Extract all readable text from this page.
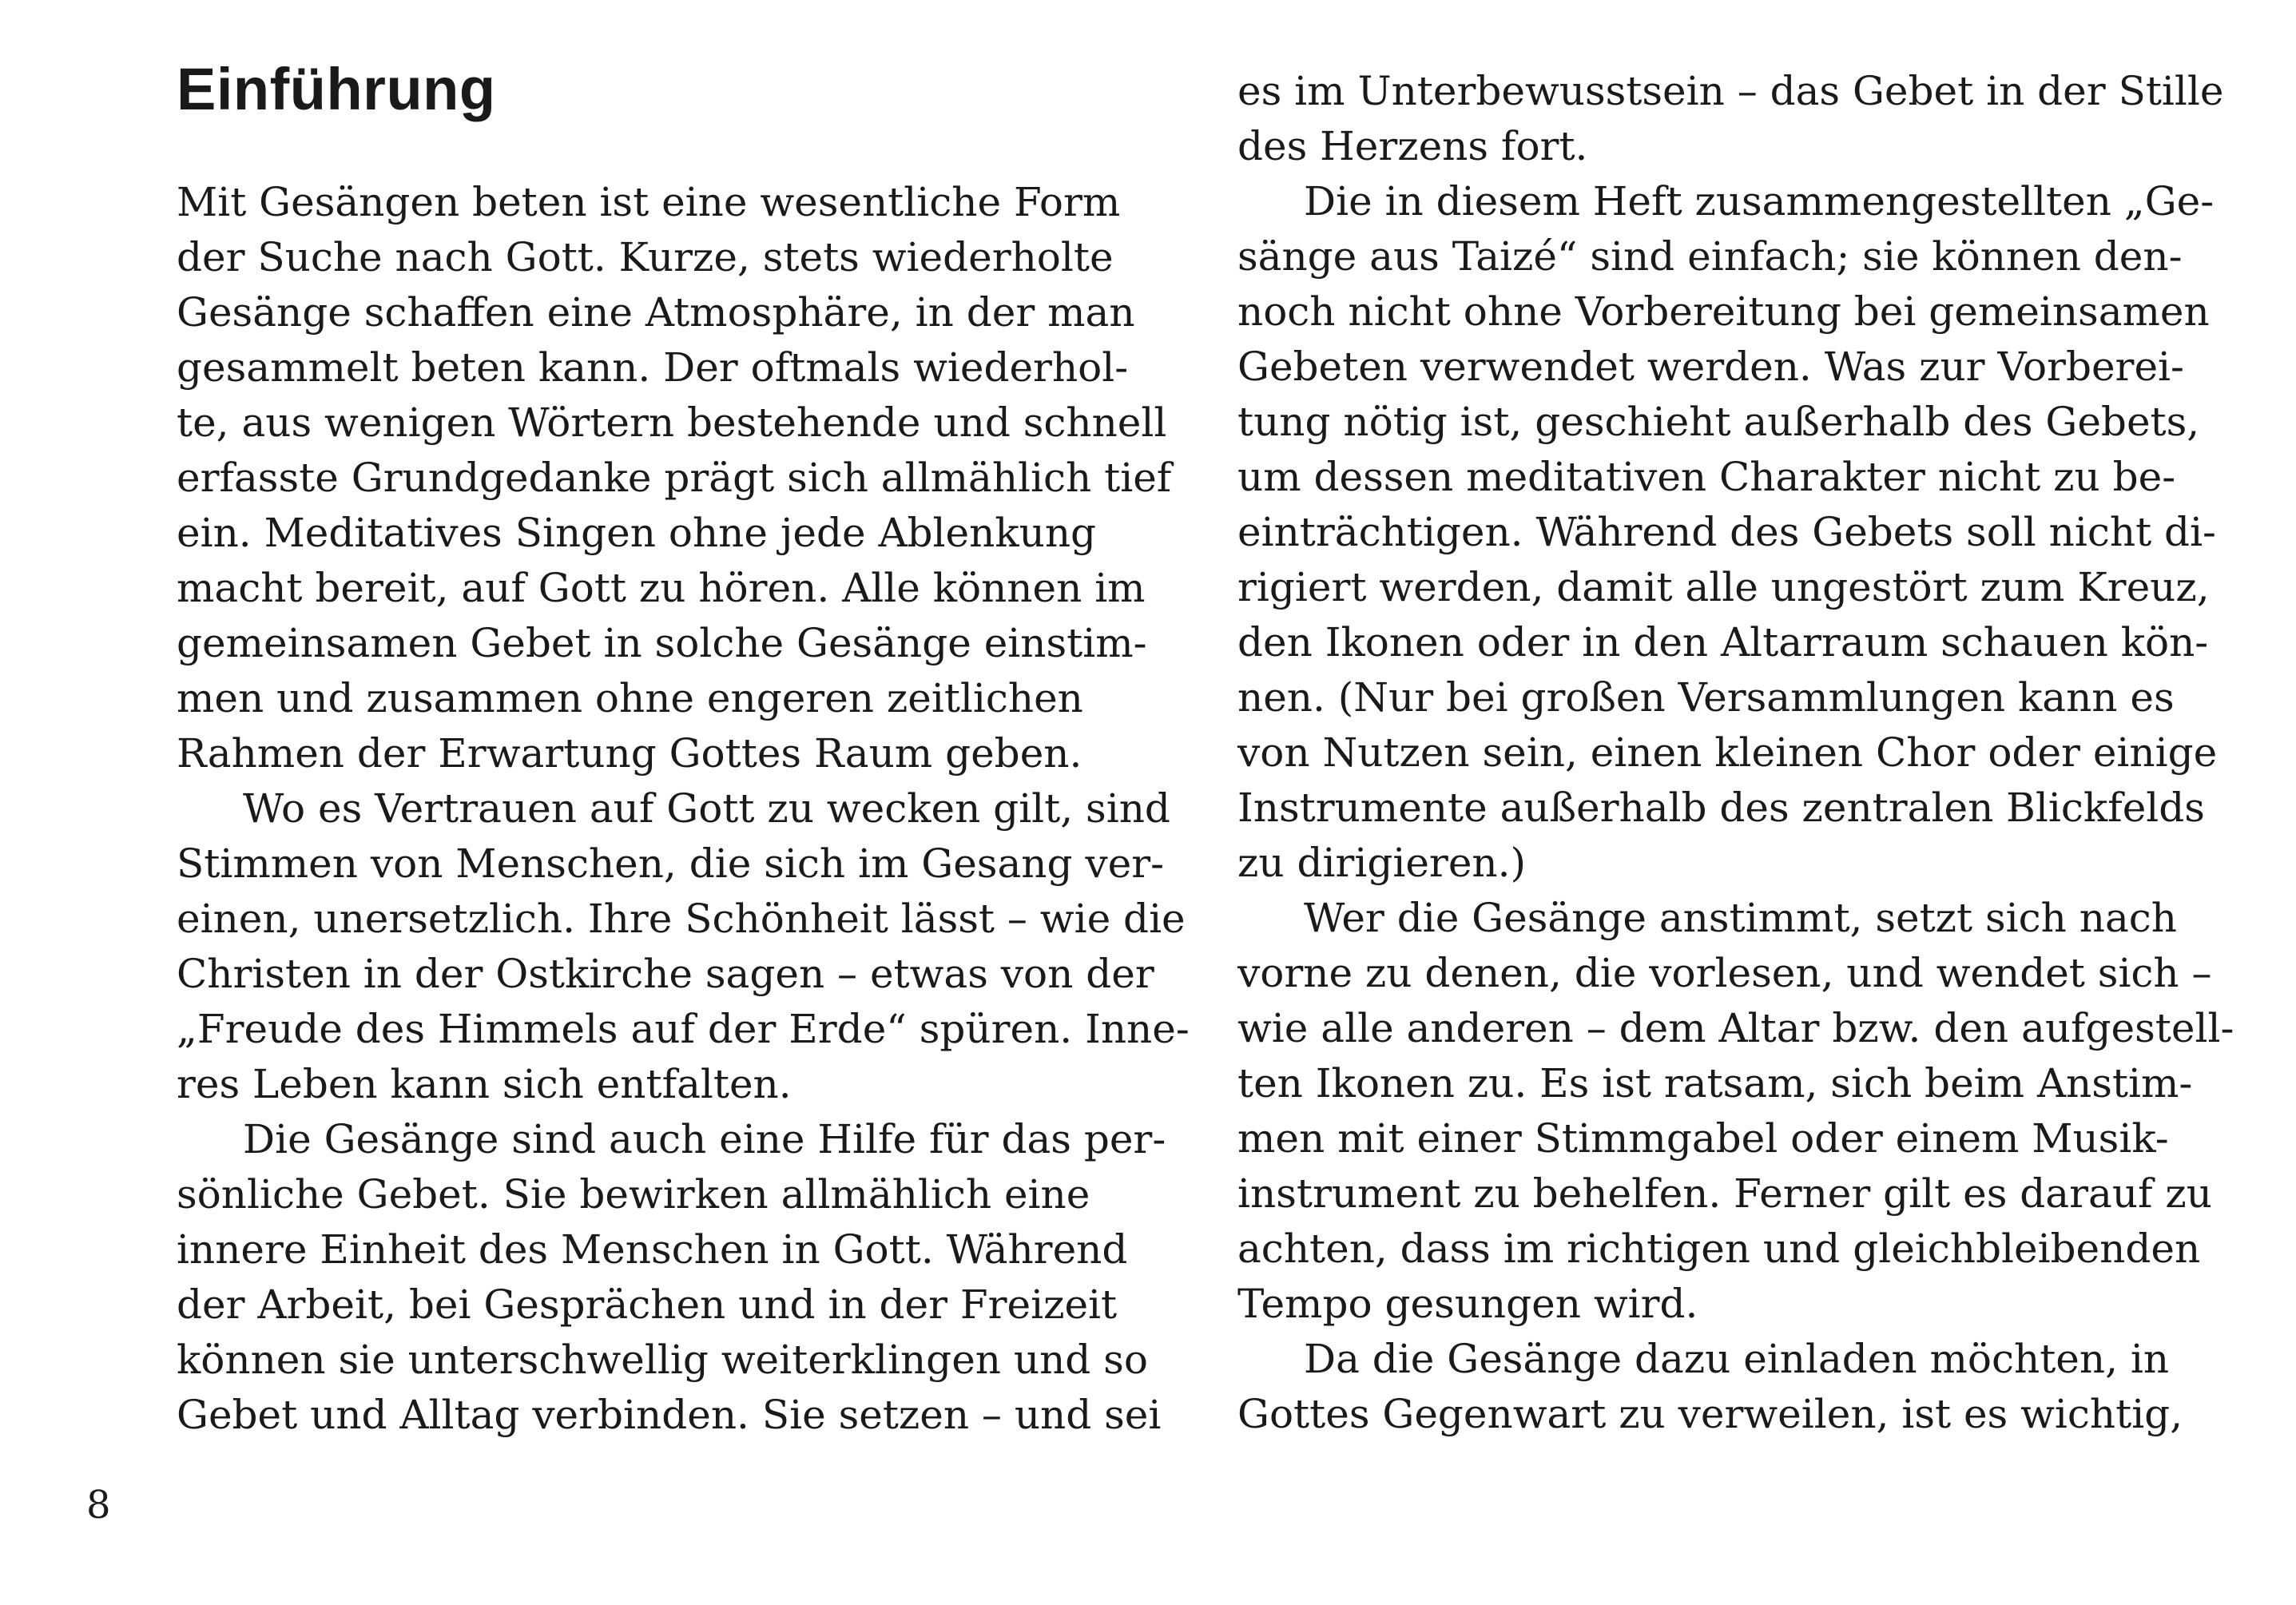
Einführung
Mit Gesängen beten ist eine wesentliche Form
der Suche nach Gott. Kurze, stets wiederholte
Gesänge schaffen eine Atmosphäre, in der man
gesammelt beten kann. Der oftmals wiederhol-
te, aus wenigen Wörtern bestehende und schnell
erfasste Grundgedanke prägt sich allmählich tief
ein. Meditatives Singen ohne jede Ablenkung
macht bereit, auf Gott zu hören. Alle können im
gemeinsamen Gebet in solche Gesänge einstim-
men und zusammen ohne engeren zeitlichen
Rahmen der Erwartung Gottes Raum geben.
Wo es Vertrauen auf Gott zu wecken gilt, sind
Stimmen von Menschen, die sich im Gesang ver-
einen, unersetzlich. Ihre Schönheit lässt – wie die
Christen in der Ostkirche sagen – etwas von der
„Freude des Himmels auf der Erde“ spüren. Inne-
res Leben kann sich entfalten.
Die Gesänge sind auch eine Hilfe für das per-
sönliche Gebet. Sie bewirken allmählich eine
innere Einheit des Menschen in Gott. Während
der Arbeit, bei Gesprächen und in der Freizeit
können sie unterschwellig weiterklingen und so
Gebet und Alltag verbinden. Sie setzen – und sei
es im Unterbewusstsein – das Gebet in der Stille
des Herzens fort.
Die in diesem Heft zusammengestellten „Ge-
sänge aus Taizé“ sind einfach; sie können den-
noch nicht ohne Vorbereitung bei gemeinsamen
Gebeten verwendet werden. Was zur Vorberei-
tung nötig ist, geschieht außerhalb des Gebets,
um dessen meditativen Charakter nicht zu be-
einträchtigen. Während des Gebets soll nicht di-
rigiert werden, damit alle ungestört zum Kreuz,
den Ikonen oder in den Altarraum schauen kön-
nen. (Nur bei großen Versammlungen kann es
von Nutzen sein, einen kleinen Chor oder einige
Instrumente außerhalb des zentralen Blickfelds
zu dirigieren.)
Wer die Gesänge anstimmt, setzt sich nach
vorne zu denen, die vorlesen, und wendet sich –
wie alle anderen – dem Altar bzw. den aufgestell-
ten Ikonen zu. Es ist ratsam, sich beim Anstim-
men mit einer Stimmgabel oder einem Musik-
instrument zu behelfen. Ferner gilt es darauf zu
achten, dass im richtigen und gleichbleibenden
Tempo gesungen wird.
Da die Gesänge dazu einladen möchten, in
Gottes Gegenwart zu verweilen, ist es wichtig,
8
